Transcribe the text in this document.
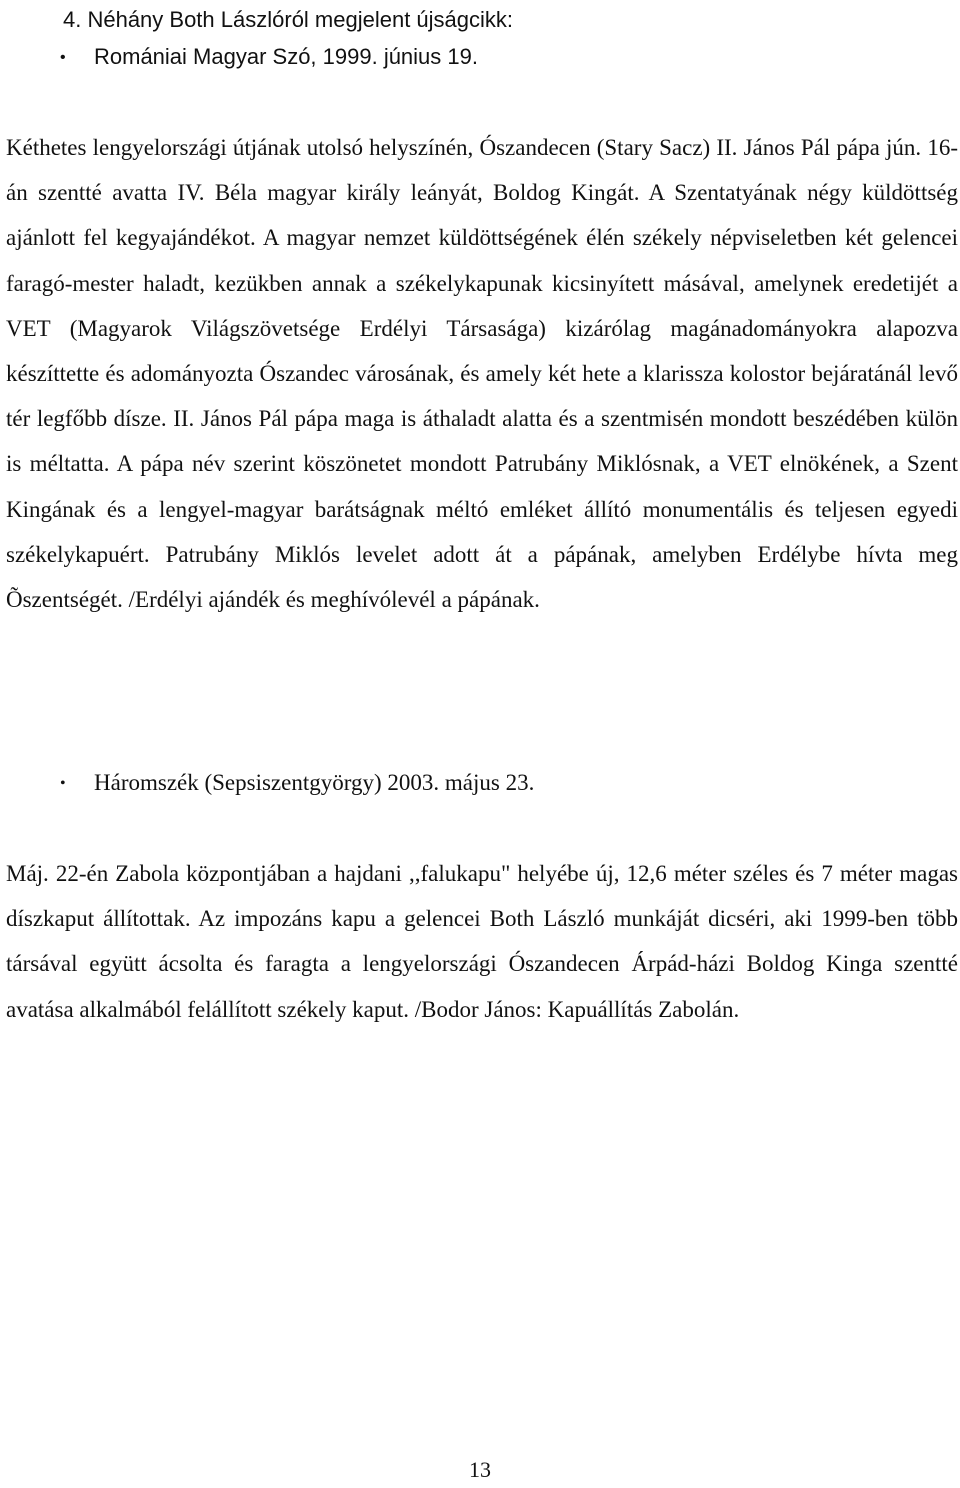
4. Néhány Both Lászlóról megjelent újságcikk:
• Romániai Magyar Szó, 1999. június 19.

Kéthetes lengyelországi útjának utolsó helyszínén, Ószandecen (Stary Sacz) II. János Pál pápa jún. 16-án szentté avatta IV. Béla magyar király leányát, Boldog Kingát. A Szentatyának négy küldöttség ajánlott fel kegyajándékot. A magyar nemzet küldöttségének élén székely népviseletben két gelencei faragó-mester haladt, kezükben annak a székelykapunak kicsinyített másával, amelynek eredetijét a VET (Magyarok Világszövetsége Erdélyi Társasága) kizárólag magánadományokra alapozva készíttette és adományozta Ószandec városának, és amely két hete a klarissza kolostor bejáratánál levő tér legfőbb dísze. II. János Pál pápa maga is áthaladt alatta és a szentmisén mondott beszédében külön is méltatta. A pápa név szerint köszönetet mondott Patrubány Miklósnak, a VET elnökének, a Szent Kingának és a lengyel-magyar barátságnak méltó emléket állító monumentális és teljesen egyedi székelykapuért. Patrubány Miklós levelet adott át a pápának, amelyben Erdélybe hívta meg Õszentségét. /Erdélyi ajándék és meghívólevél a pápának.

• Háromszék (Sepsiszentgyörgy) 2003. május 23.

Máj. 22-én Zabola központjában a hajdani ,,falukapu" helyébe új, 12,6 méter széles és 7 méter magas díszkaput állítottak. Az impozáns kapu a gelencei Both László munkáját dicséri, aki 1999-ben több társával együtt ácsolta és faragta a lengyelországi Ószandecen Árpád-házi Boldog Kinga szentté avatása alkalmából felállított székely kaput. /Bodor János: Kapuállítás Zabolán.

13
